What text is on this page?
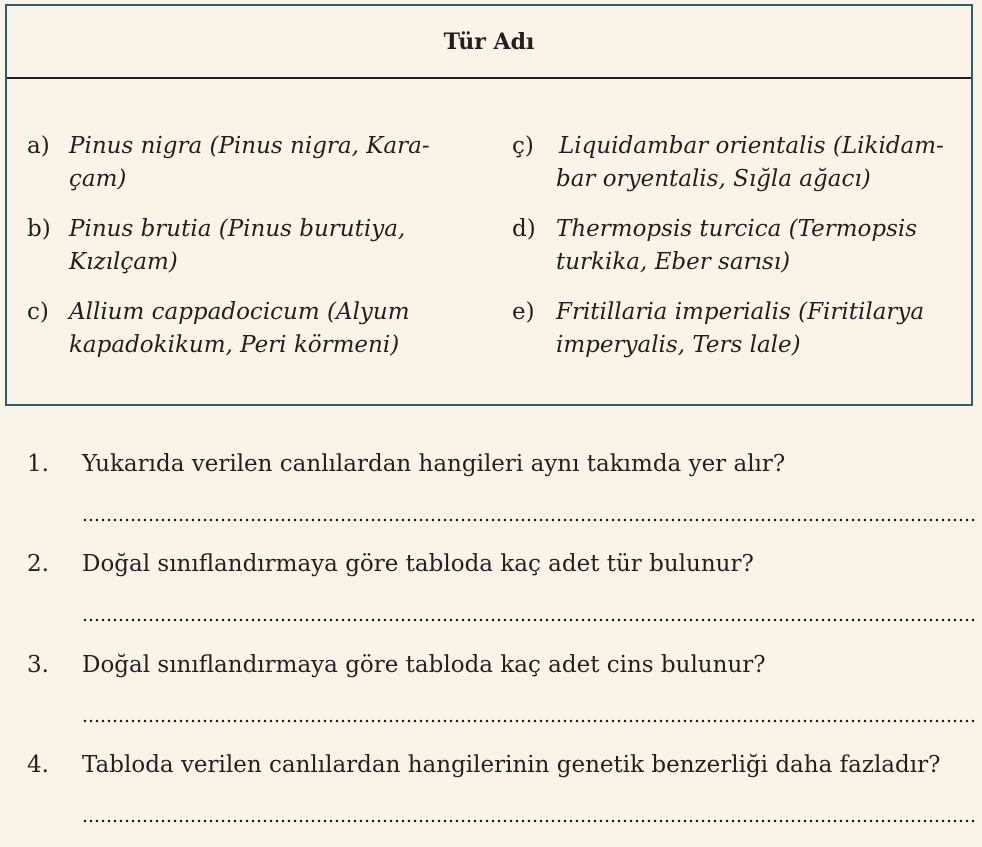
Tür Adı
a) Pinus nigra (Pinus nigra, Kara-
çam)
b) Pinus brutia (Pinus burutiya,
Kızılçam)
c) Allium cappadocicum (Alyum
kapadokikum, Peri körmeni)
ç) Liquidambar orientalis (Likidam-
bar oryentalis, Sığla ağacı)
d) Thermopsis turcica (Termopsis
turkika, Eber sarısı)
e) Fritillaria imperialis (Firitilarya
imperyalis, Ters lale)
1. Yukarıda verilen canlılardan hangileri aynı takımda yer alır?
2. Doğal sınıflandırmaya göre tabloda kaç adet tür bulunur?
3. Doğal sınıflandırmaya göre tabloda kaç adet cins bulunur?
4. Tabloda verilen canlılardan hangilerinin genetik benzerliği daha fazladır?
